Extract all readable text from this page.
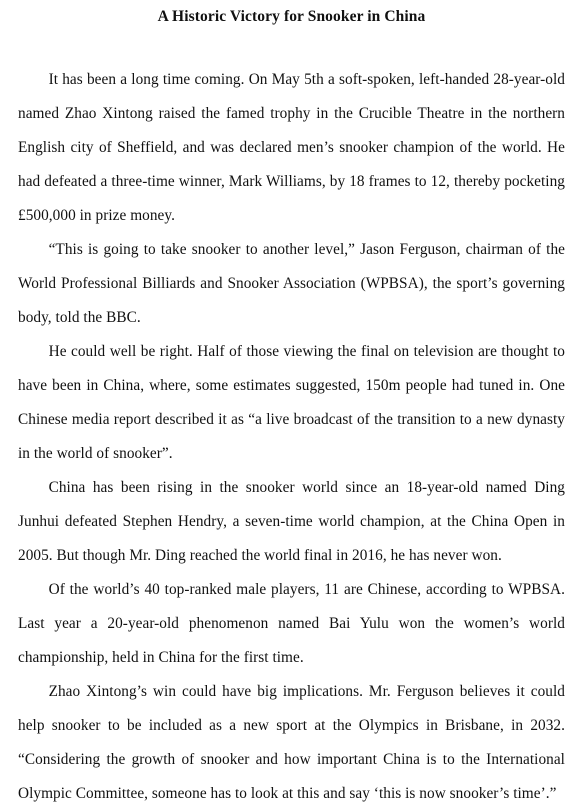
A Historic Victory for Snooker in China

It has been a long time coming. On May 5th a soft-spoken, left-handed 28-year-old named Zhao Xintong raised the famed trophy in the Crucible Theatre in the northern English city of Sheffield, and was declared men’s snooker champion of the world. He had defeated a three-time winner, Mark Williams, by 18 frames to 12, thereby pocketing £500,000 in prize money.

“This is going to take snooker to another level,” Jason Ferguson, chairman of the World Professional Billiards and Snooker Association (WPBSA), the sport’s governing body, told the BBC.

He could well be right. Half of those viewing the final on television are thought to have been in China, where, some estimates suggested, 150m people had tuned in. One Chinese media report described it as “a live broadcast of the transition to a new dynasty in the world of snooker”.

China has been rising in the snooker world since an 18-year-old named Ding Junhui defeated Stephen Hendry, a seven-time world champion, at the China Open in 2005. But though Mr. Ding reached the world final in 2016, he has never won.

Of the world’s 40 top-ranked male players, 11 are Chinese, according to WPBSA. Last year a 20-year-old phenomenon named Bai Yulu won the women’s world championship, held in China for the first time.

Zhao Xintong’s win could have big implications. Mr. Ferguson believes it could help snooker to be included as a new sport at the Olympics in Brisbane, in 2032. “Considering the growth of snooker and how important China is to the International Olympic Committee, someone has to look at this and say ‘this is now snooker’s time’.”
